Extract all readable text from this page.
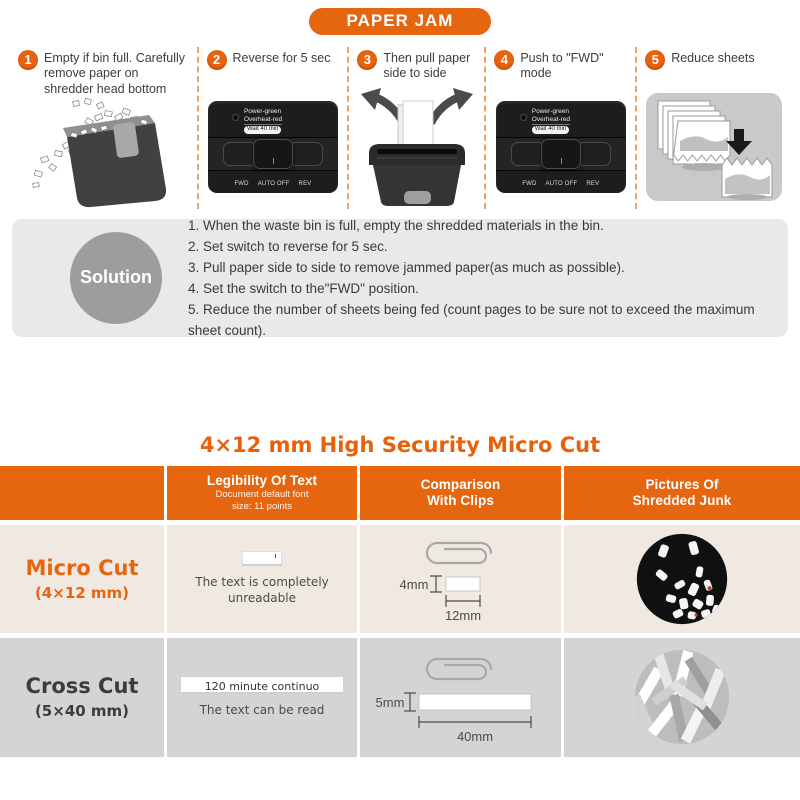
PAPER JAM
1 Empty if bin full. Carefully remove paper on shredder head bottom
2 Reverse for 5 sec
Power-green
Overheat-red
Wait 40 min
FWD AUTO OFF REV
3 Then pull paper side to side
4 Push to "FWD" mode
Power-green
Overheat-red
Wait 40 min
FWD AUTO OFF REV
5 Reduce sheets
Solution
1. When the waste bin is full, empty the shredded materials in the bin.
2. Set switch to reverse for 5 sec.
3. Pull paper side to side to remove jammed paper(as much as possible).
4. Set the switch to the"FWD" position.
5. Reduce the number of sheets being fed (count pages to be sure not to exceed the maximum sheet count).
4×12 mm High Security Micro Cut
Legibility Of Text
Document default font
size: 11 points
Comparison
With Clips
Pictures Of
Shredded Junk
Micro Cut
(4×12 mm)
The text is completely unreadable
4mm
12mm
Cross Cut
(5×40 mm)
120 minute continuo
The text can be read	5mm
40mm
